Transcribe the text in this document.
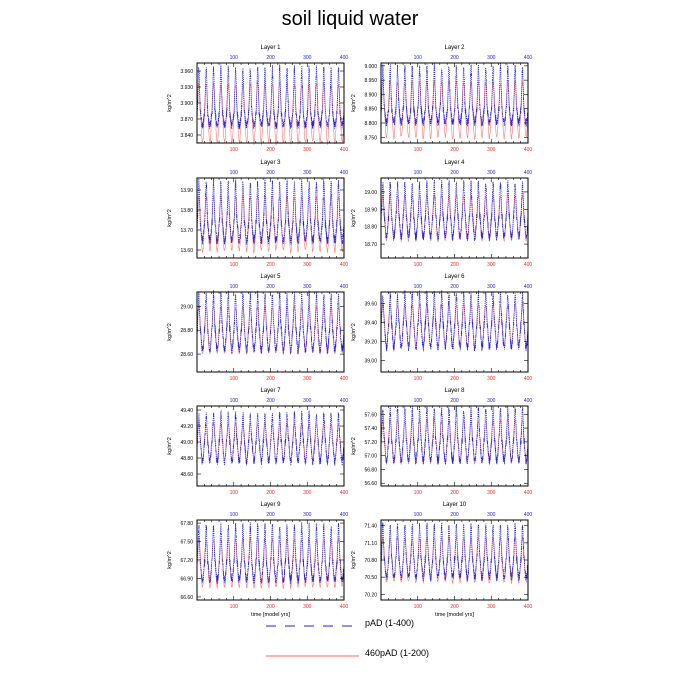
soil liquid water
Layer 1
100	200	300	400
100	200	300	400
3.960
3.930
3.900
3.870
3.840
kg/m^2
Layer 2
100	200	300	400
100	200	300	400
9.000
8.950
8.900
8.850
8.800
8.750
kg/m^2
Layer 3
100	200	300	400
100	200	300	400
13.90
13.80
13.70
13.60
kg/m^2
Layer 4
100	200	300	400
100	200	300	400
19.00
18.90
18.80
18.70
kg/m^2
Layer 5
100	200	300	400
100	200	300	400
29.00
28.80
28.60
kg/m^2
Layer 6
100	200	300	400
100	200	300	400
39.60
39.40
39.20
39.00
kg/m^2
Layer 7
100	200	300	400
100	200	300	400
49.40
49.20
49.00
48.80
48.60
kg/m^2
Layer 8
100	200	300	400
100	200	300	400
57.60
57.40
57.20
57.00
56.80
56.60
kg/m^2
Layer 9
100	200	300	400
100	200	300	400
67.80
67.50
67.20
66.90
66.60
kg/m^2
time [model yrs]
Layer 10
100	200	300	400
100	200	300	400
71.40
71.10
70.80
70.50
70.20
kg/m^2
time [model yrs]
pAD (1-400)
460pAD (1-200)
